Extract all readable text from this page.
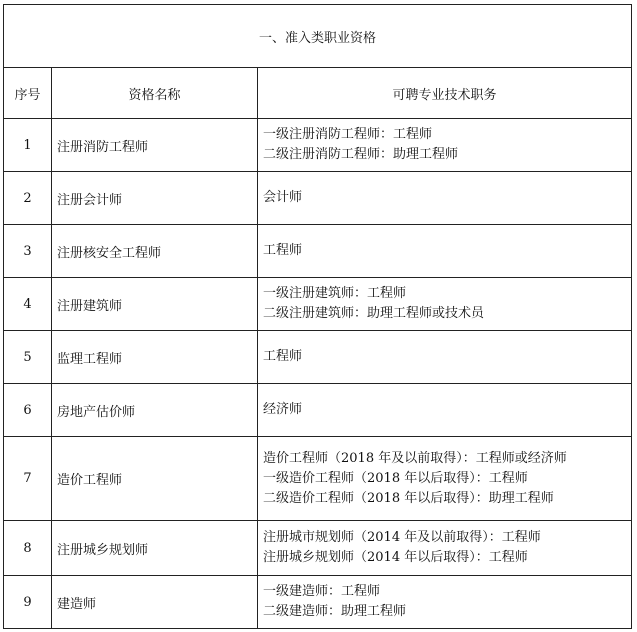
一、准入类职业资格		
序号	资格名称	可聘专业技术职务
1	注册消防工程师	一级注册消防工程师：工程师
二级注册消防工程师：助理工程师

2	注册会计师	会计师

3	注册核安全工程师	工程师

4	注册建筑师	一级注册建筑师：工程师
二级注册建筑师：助理工程师或技术员

5	监理工程师	工程师

6	房地产估价师	经济师

7	造价工程师	造价工程师（2018 年及以前取得）：工程师或经济师
一级造价工程师（2018 年以后取得）：工程师
二级造价工程师（2018 年以后取得）：助理工程师

8	注册城乡规划师	注册城市规划师（2014 年及以前取得）：工程师
注册城乡规划师（2014 年以后取得）：工程师

9	建造师	一级建造师：工程师
二级建造师：助理工程师
